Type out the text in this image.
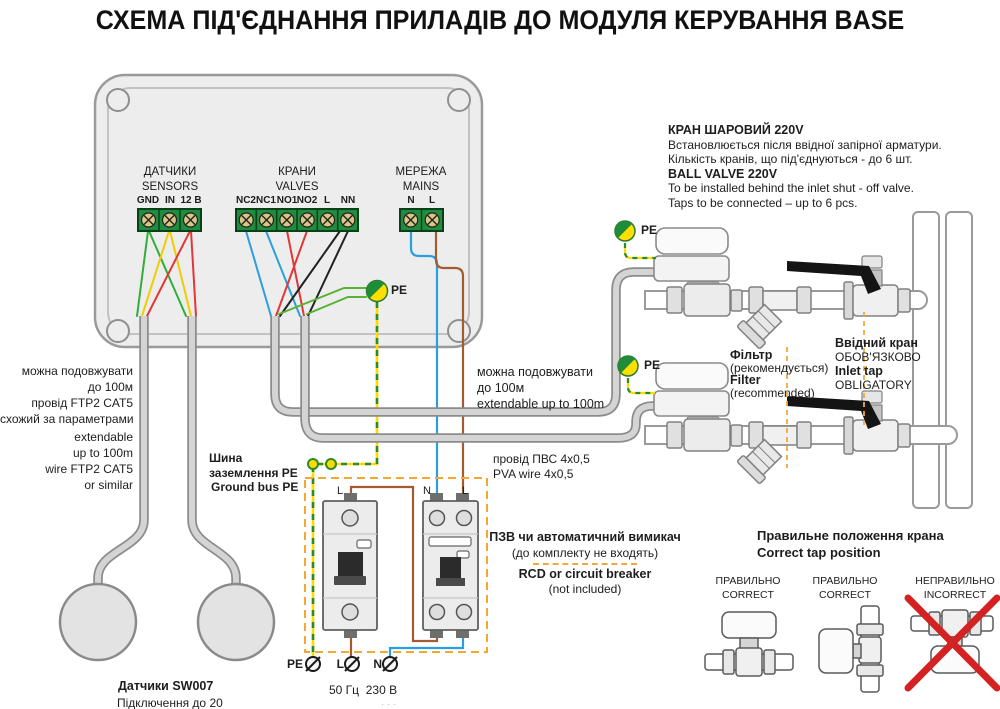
СХЕМА ПІД'ЄДНАННЯ ПРИЛАДІВ ДО МОДУЛЯ КЕРУВАННЯ BASE
ДАТЧИКИ
SENSORS
КРАНИ
VALVES
МЕРЕЖА
MAINS
GND IN 12 B	NC2 NC1 NO1 NO2 L NN	N L
PE
PE
PE
можна подовжувати
до 100м
провід FTP2 CAT5
схожий за параметрами
extendable
up to 100m
wire FTP2 CAT5
or similar
Шина
заземлення PE
Ground bus PE
можна подовжувати
до 100м
extendable up to 100m
провід ПВС 4x0,5
PVA wire 4x0,5
КРАН ШАРОВИЙ 220V
Встановлюється після ввідної запірної арматури.
Кількість кранів, що під'єднуються - до 6 шт.
BALL VALVE 220V
To be installed behind the inlet shut - off valve.
Taps to be connected – up to 6 pcs.
Фільтр
(рекомендується)
Filter
(recommended)
Ввідний кран
ОБОВ'ЯЗКОВО
Inlet tap
OBLIGATORY
ПЗВ чи автоматичний вимикач
(до комплекту не входять)
RCD or circuit breaker
(not included)
L	N	L
PE	L	N
50 Гц  230 В
...
Датчики SW007
Підключення до 20
Правильне положення крана
Correct tap position
ПРАВИЛЬНО
CORRECT
ПРАВИЛЬНО
CORRECT
НЕПРАВИЛЬНО
INCORRECT
